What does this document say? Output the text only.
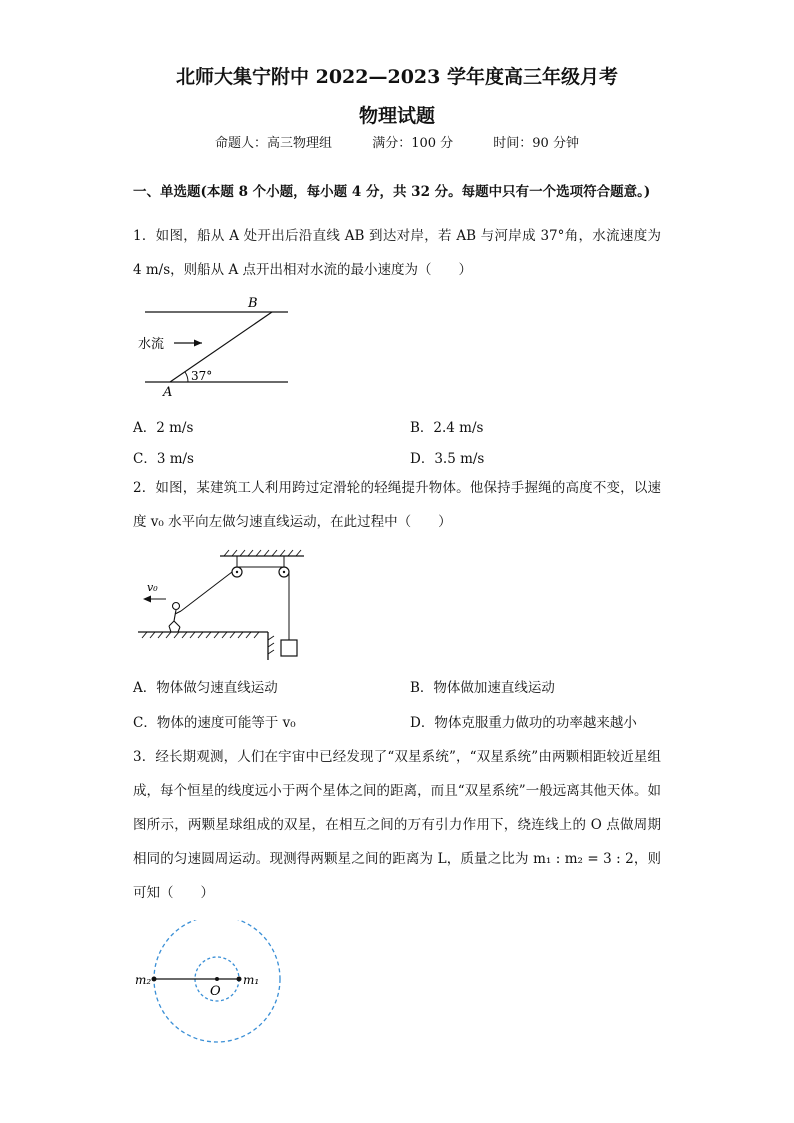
北师大集宁附中 2022—2023 学年度高三年级月考
物理试题
命题人：高三物理组	满分：100 分	时间：90 分钟
一、单选题(本题 8 个小题，每小题 4 分，共 32 分。每题中只有一个选项符合题意。)
1．如图，船从 A 处开出后沿直线 AB 到达对岸，若 AB 与河岸成 37°角，水流速度为 4 m/s，则船从 A 点开出相对水流的最小速度为（　　）
水流
B
A
37°
A．2 m/s	B．2.4 m/s
C．3 m/s	D．3.5 m/s
2．如图，某建筑工人利用跨过定滑轮的轻绳提升物体。他保持手握绳的高度不变，以速度 v₀ 水平向左做匀速直线运动，在此过程中（　　）
v₀
A．物体做匀速直线运动	B．物体做加速直线运动
C．物体的速度可能等于 v₀	D．物体克服重力做功的功率越来越小
3．经长期观测，人们在宇宙中已经发现了“双星系统”，“双星系统”由两颗相距较近星组成，每个恒星的线度远小于两个星体之间的距离，而且“双星系统”一般远离其他天体。如图所示，两颗星球组成的双星，在相互之间的万有引力作用下，绕连线上的 O 点做周期相同的匀速圆周运动。现测得两颗星之间的距离为 L，质量之比为 m₁ : m₂ = 3 : 2，则可知（　　）
m₂
O
m₁
